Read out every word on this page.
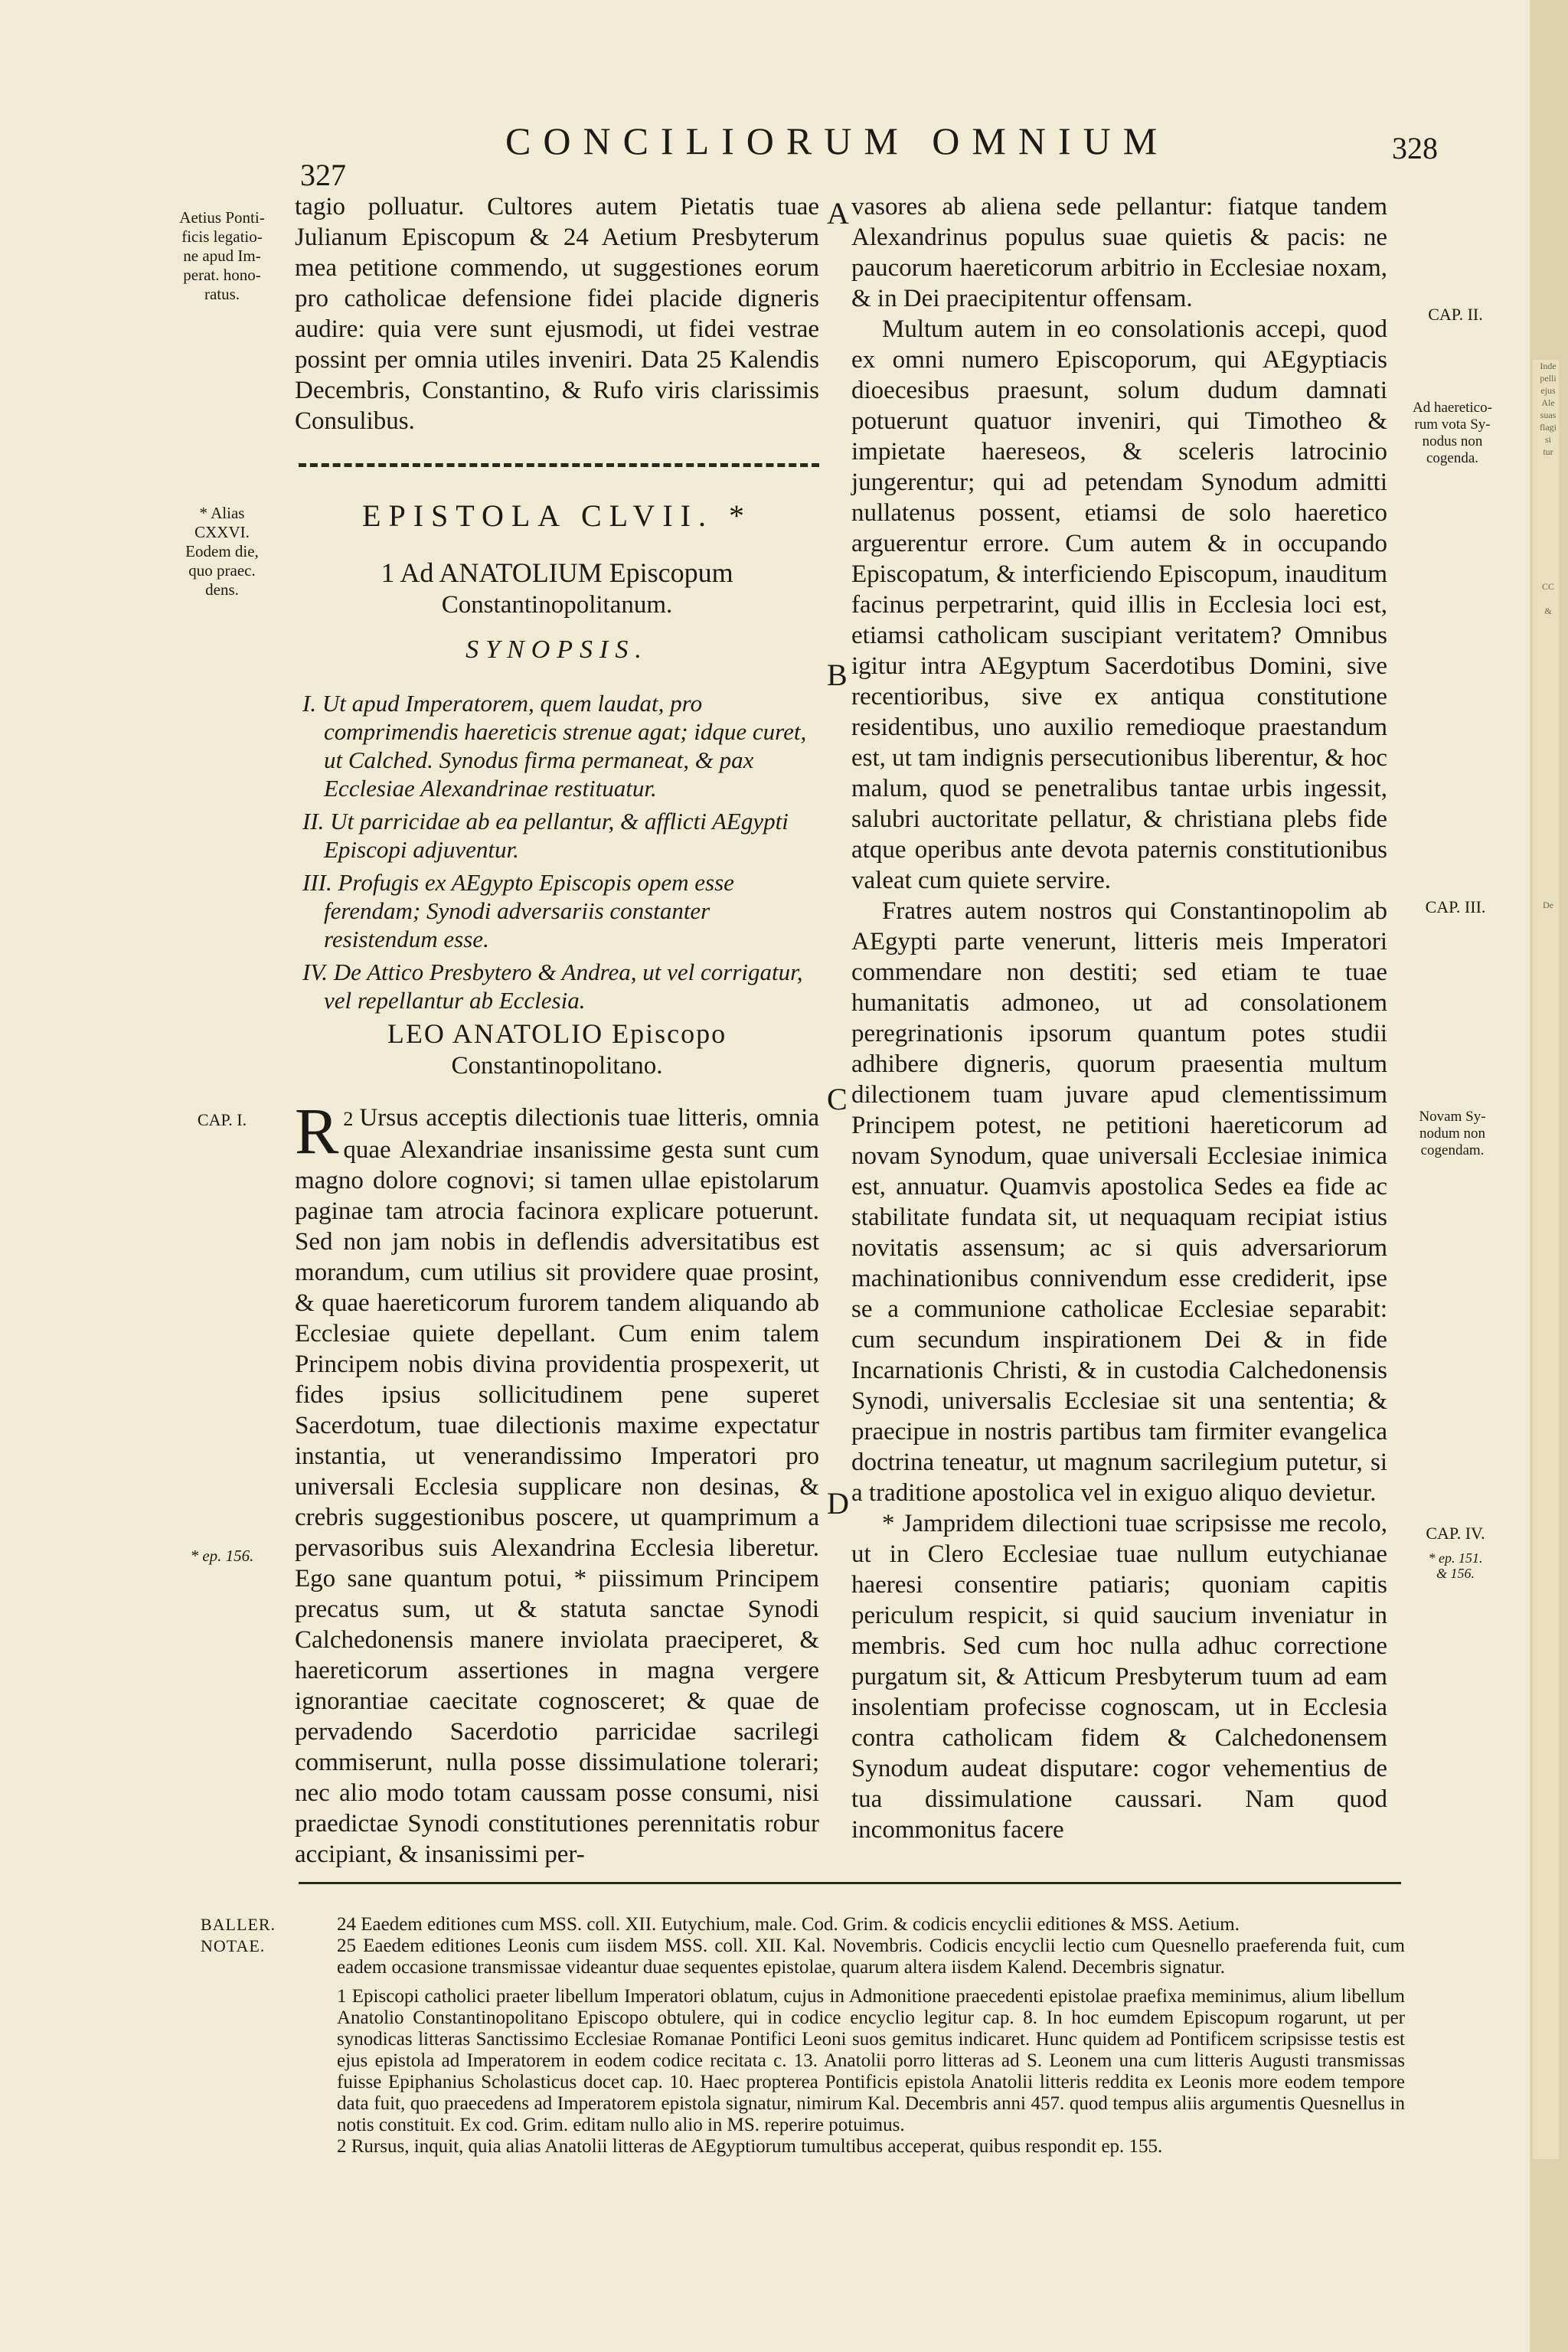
Inde
pelli
ejus
Ale
suas
flagi
si
tur

CC

&

De
327
CONCILIORUM OMNIUM	328
Aetius Ponti-
ficis legatio-
ne apud Im-
perat. hono-
ratus.
* Alias
CXXVI.
Eodem die,
quo praec.
dens.
CAP. I.
* ep. 156.
CAP. II.
Ad haeretico-
rum vota Sy-
nodus non
cogenda.
CAP. III.
Novam Sy-
nodum non
cogendam.
CAP. IV.
* ep. 151.
& 156.

tagio polluatur. Cultores autem Pietatis tuae Julianum Episcopum & 24 Aetium Presbyterum mea petitione commendo, ut suggestiones eorum pro catholicae defensione fidei placide digneris audire: quia vere sunt ejusmodi, ut fidei vestrae possint per omnia utiles inveniri. Data 25 Kalendis Decembris, Constantino, & Rufo viris clarissimis Consulibus.

EPISTOLA CLVII. *
1 Ad ANATOLIUM Episcopum
Constantinopolitanum.
SYNOPSIS.

I. Ut apud Imperatorem, quem laudat, pro comprimendis haereticis strenue agat; idque curet, ut Calched. Synodus firma permaneat, & pax Ecclesiae Alexandrinae restituatur.

II. Ut parricidae ab ea pellantur, & afflicti AEgypti Episcopi adjuventur.

III. Profugis ex AEgypto Episcopis opem esse ferendam; Synodi adversariis constanter resistendum esse.

IV. De Attico Presbytero & Andrea, ut vel corrigatur, vel repellantur ab Ecclesia.

LEO ANATOLIO Episcopo
Constantinopolitano.

2
R Ursus acceptis dilectionis tuae litteris, omnia quae Alexandriae insanissime gesta sunt cum magno dolore cognovi; si tamen ullae epistolarum paginae tam atrocia facinora explicare potuerunt. Sed non jam nobis in deflendis adversitatibus est morandum, cum utilius sit providere quae prosint, & quae haereticorum furorem tandem aliquando ab Ecclesiae quiete depellant. Cum enim talem Principem nobis divina providentia prospexerit, ut fides ipsius sollicitudinem pene superet Sacerdotum, tuae dilectionis maxime expectatur instantia, ut venerandissimo Imperatori pro universali Ecclesia supplicare non desinas, & crebris suggestionibus poscere, ut quamprimum a pervasoribus suis Alexandrina Ecclesia liberetur. Ego sane quantum potui, * piissimum Principem precatus sum, ut & statuta sanctae Synodi Calchedonensis manere inviolata praeciperet, & haereticorum assertiones in magna vergere ignorantiae caecitate cognosceret; & quae de pervadendo Sacerdotio parricidae sacrilegi commiserunt, nulla posse dissimulatione tolerari; nec alio modo totam caussam posse consumi, nisi praedictae Synodi constitutiones perennitatis robur accipiant, & insanissimi per-

A
B
C
D

vasores ab aliena sede pellantur: fiatque tandem Alexandrinus populus suae quietis & pacis: ne paucorum haereticorum arbitrio in Ecclesiae noxam, & in Dei praecipitentur offensam.

Multum autem in eo consolationis accepi, quod ex omni numero Episcoporum, qui AEgyptiacis dioecesibus praesunt, solum dudum damnati potuerunt quatuor inveniri, qui Timotheo & impietate haereseos, & sceleris latrocinio jungerentur; qui ad petendam Synodum admitti nullatenus possent, etiamsi de solo haeretico arguerentur errore. Cum autem & in occupando Episcopatum, & interficiendo Episcopum, inauditum facinus perpetrarint, quid illis in Ecclesia loci est, etiamsi catholicam suscipiant veritatem? Omnibus igitur intra AEgyptum Sacerdotibus Domini, sive recentioribus, sive ex antiqua constitutione residentibus, uno auxilio remedioque praestandum est, ut tam indignis persecutionibus liberentur, & hoc malum, quod se penetralibus tantae urbis ingessit, salubri auctoritate pellatur, & christiana plebs fide atque operibus ante devota paternis constitutionibus valeat cum quiete servire.

Fratres autem nostros qui Constantinopolim ab AEgypti parte venerunt, litteris meis Imperatori commendare non destiti; sed etiam te tuae humanitatis admoneo, ut ad consolationem peregrinationis ipsorum quantum potes studii adhibere digneris, quorum praesentia multum dilectionem tuam juvare apud clementissimum Principem potest, ne petitioni haereticorum ad novam Synodum, quae universali Ecclesiae inimica est, annuatur. Quamvis apostolica Sedes ea fide ac stabilitate fundata sit, ut nequaquam recipiat istius novitatis assensum; ac si quis adversariorum machinationibus connivendum esse crediderit, ipse se a communione catholicae Ecclesiae separabit: cum secundum inspirationem Dei & in fide Incarnationis Christi, & in custodia Calchedonensis Synodi, universalis Ecclesiae sit una sententia; & praecipue in nostris partibus tam firmiter evangelica doctrina teneatur, ut magnum sacrilegium putetur, si a traditione apostolica vel in exiguo aliquo devietur.

* Jampridem dilectioni tuae scripsisse me recolo, ut in Clero Ecclesiae tuae nullum eutychianae haeresi consentire patiaris; quoniam capitis periculum respicit, si quid saucium inveniatur in membris. Sed cum hoc nulla adhuc correctione purgatum sit, & Atticum Presbyterum tuum ad eam insolentiam profecisse cognoscam, ut in Ecclesia contra catholicam fidem & Calchedonensem Synodum audeat disputare: cogor vehementius de tua dissimulatione caussari. Nam quod incommonitus facere

BALLER.
NOTAE.

24 Eaedem editiones cum MSS. coll. XII. Eutychium, male. Cod. Grim. & codicis encyclii editiones & MSS. Aetium.

25 Eaedem editiones Leonis cum iisdem MSS. coll. XII. Kal. Novembris. Codicis encyclii lectio cum Quesnello praeferenda fuit, cum eadem occasione transmissae videantur duae sequentes epistolae, quarum altera iisdem Kalend. Decembris signatur.

1 Episcopi catholici praeter libellum Imperatori oblatum, cujus in Admonitione praecedenti epistolae praefixa meminimus, alium libellum Anatolio Constantinopolitano Episcopo obtulere, qui in codice encyclio legitur cap. 8. In hoc eumdem Episcopum rogarunt, ut per synodicas litteras Sanctissimo Ecclesiae Romanae Pontifici Leoni suos gemitus indicaret. Hunc quidem ad Pontificem scripsisse testis est ejus epistola ad Imperatorem in eodem codice recitata c. 13. Anatolii porro litteras ad S. Leonem una cum litteris Augusti transmissas fuisse Epiphanius Scholasticus docet cap. 10. Haec propterea Pontificis epistola Anatolii litteris reddita ex Leonis more eodem tempore data fuit, quo praecedens ad Imperatorem epistola signatur, nimirum Kal. Decembris anni 457. quod tempus aliis argumentis Quesnellus in notis constituit. Ex cod. Grim. editam nullo alio in MS. reperire potuimus.

2 Rursus, inquit, quia alias Anatolii litteras de AEgyptiorum tumultibus acceperat, quibus respondit ep. 155.
